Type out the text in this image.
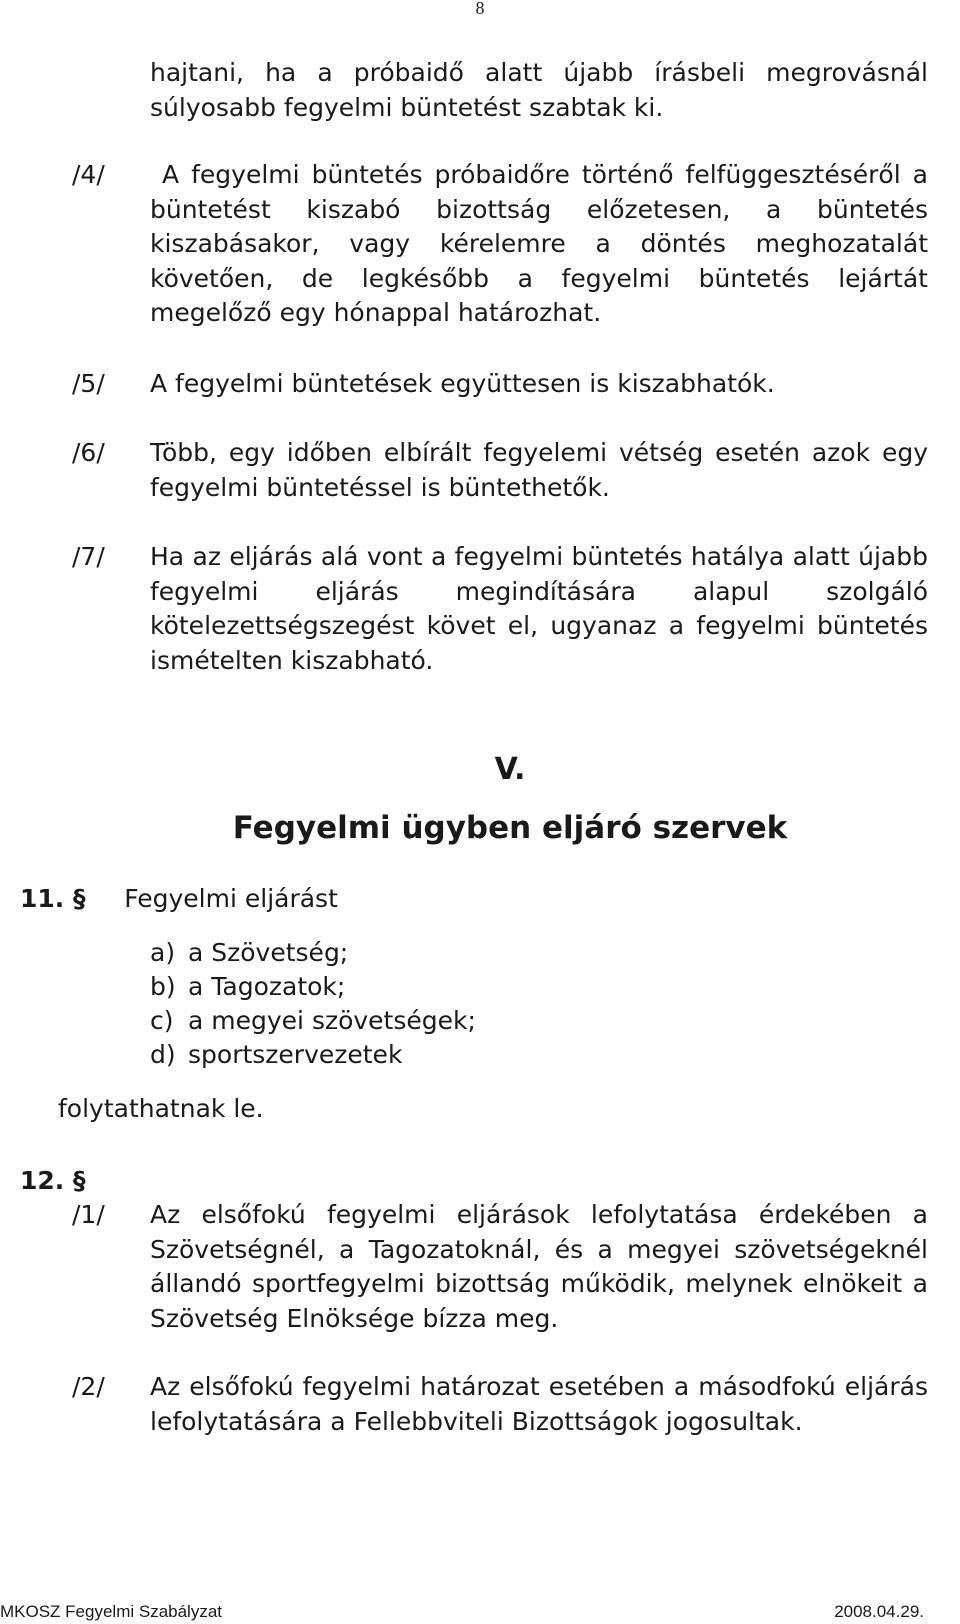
8
hajtani, ha a próbaidő alatt újabb írásbeli megrovásnál súlyosabb fegyelmi büntetést szabtak ki.
/4/ A fegyelmi büntetés próbaidőre történő felfüggesztéséről a büntetést kiszabó bizottság előzetesen, a büntetés kiszabásakor, vagy kérelemre a döntés meghozatalát követően, de legkésőbb a fegyelmi büntetés lejártát megelőző egy hónappal határozhat.
/5/ A fegyelmi büntetések együttesen is kiszabhatók.
/6/ Több, egy időben elbírált fegyelemi vétség esetén azok egy fegyelmi büntetéssel is büntethetők.
/7/ Ha az eljárás alá vont a fegyelmi büntetés hatálya alatt újabb fegyelmi eljárás megindítására alapul szolgáló kötelezettségszegést követ el, ugyanaz a fegyelmi büntetés ismételten kiszabható.
V.
Fegyelmi ügyben eljáró szervek
11. § Fegyelmi eljárást
a) a Szövetség;
b) a Tagozatok;
c) a megyei szövetségek;
d) sportszervezetek
folytathatnak le.
12. §
/1/ Az elsőfokú fegyelmi eljárások lefolytatása érdekében a Szövetségnél, a Tagozatoknál, és a megyei szövetségeknél állandó sportfegyelmi bizottság működik, melynek elnökeit a Szövetség Elnöksége bízza meg.
/2/ Az elsőfokú fegyelmi határozat esetében a másodfokú eljárás lefolytatására a Fellebbviteli Bizottságok jogosultak.
MKOSZ Fegyelmi Szabályzat	2008.04.29.
